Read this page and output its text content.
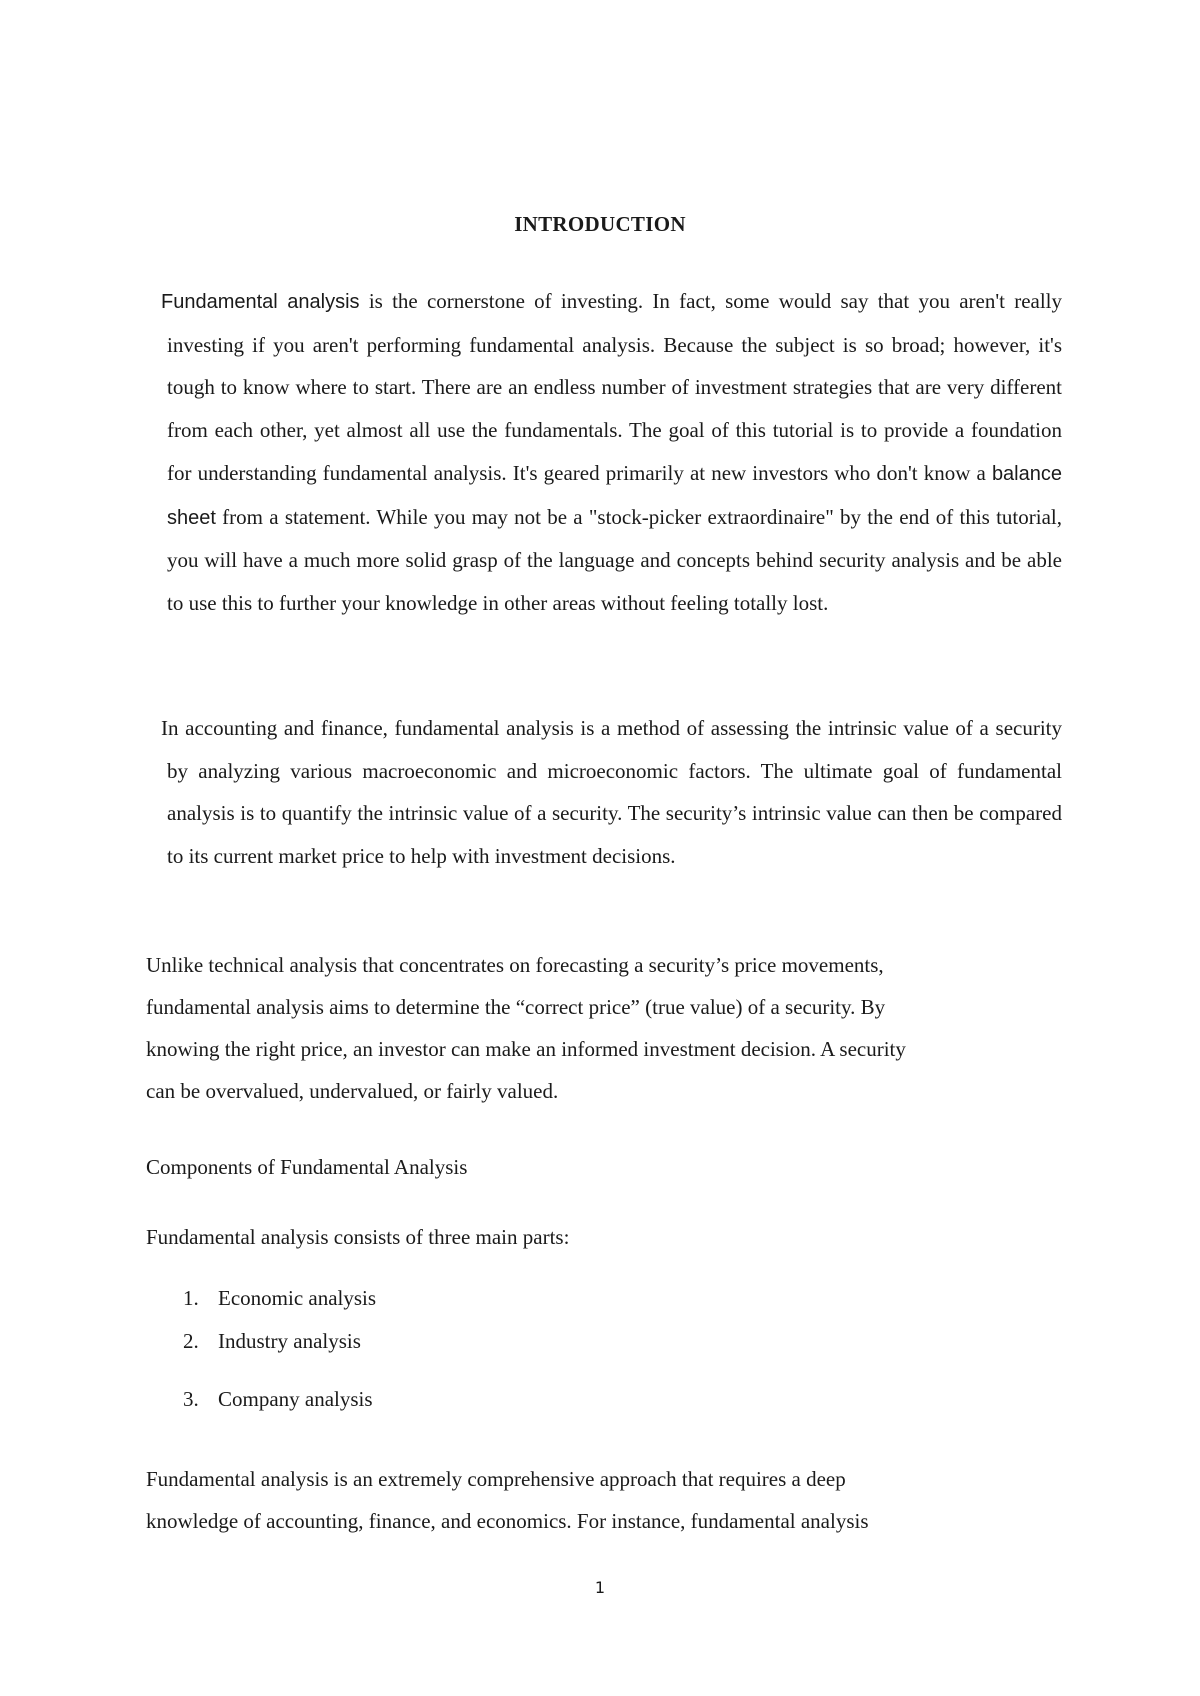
INTRODUCTION
Fundamental analysis is the cornerstone of investing. In fact, some would say that you aren't really investing if you aren't performing fundamental analysis. Because the subject is so broad; however, it's tough to know where to start. There are an endless number of investment strategies that are very different from each other, yet almost all use the fundamentals. The goal of this tutorial is to provide a foundation for understanding fundamental analysis. It's geared primarily at new investors who don't know a balance sheet from a statement. While you may not be a "stock-picker extraordinaire" by the end of this tutorial, you will have a much more solid grasp of the language and concepts behind security analysis and be able to use this to further your knowledge in other areas without feeling totally lost.
In accounting and finance, fundamental analysis is a method of assessing the intrinsic value of a security by analyzing various macroeconomic and microeconomic factors. The ultimate goal of fundamental analysis is to quantify the intrinsic value of a security. The security’s intrinsic value can then be compared to its current market price to help with investment decisions.
Unlike technical analysis that concentrates on forecasting a security’s price movements,
fundamental analysis aims to determine the “correct price” (true value) of a security. By
knowing the right price, an investor can make an informed investment decision. A security
can be overvalued, undervalued, or fairly valued.
Components of Fundamental Analysis
Fundamental analysis consists of three main parts:
1. Economic analysis
2. Industry analysis
3. Company analysis
Fundamental analysis is an extremely comprehensive approach that requires a deep
knowledge of accounting, finance, and economics. For instance, fundamental analysis
1
